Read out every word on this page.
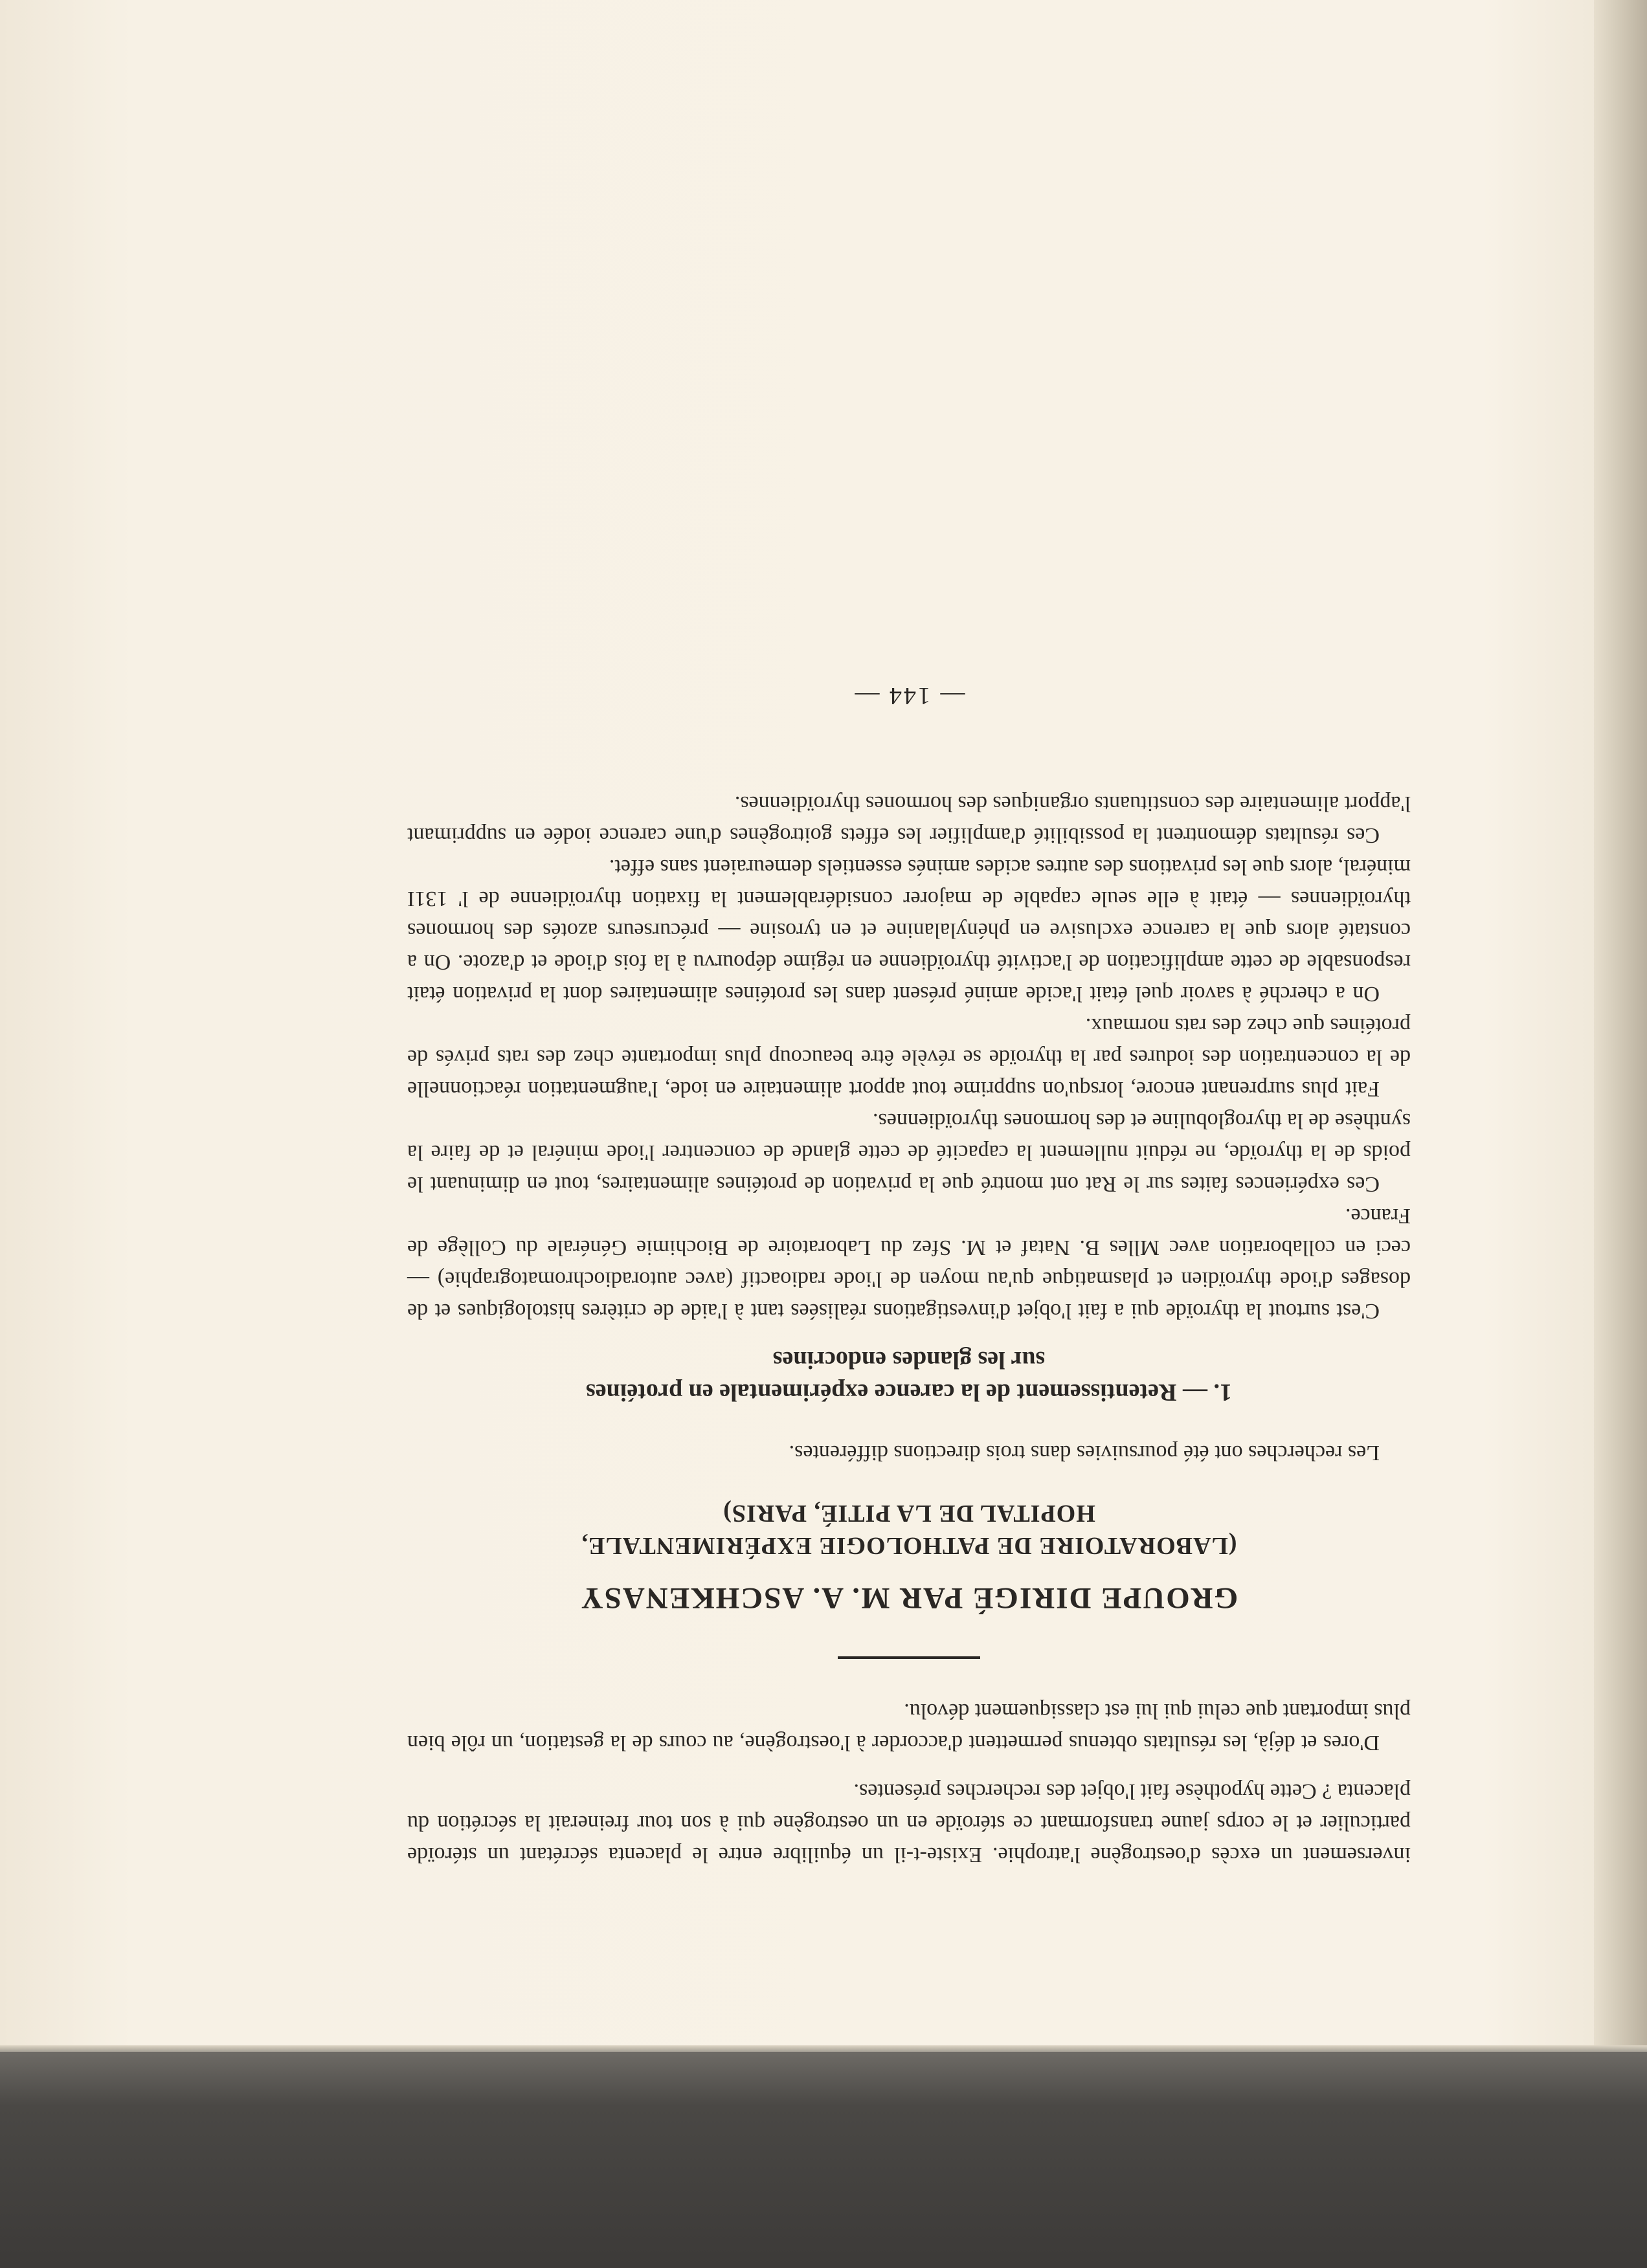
inversement un excès d'oestrogène l'atrophie. Existe-t-il un équilibre entre le placenta sécrétant un stéroïde particulier et le corps jaune transformant ce stéroïde en un oestrogène qui à son tour freinerait la sécrétion du placenta ? Cette hypothèse fait l'objet des recherches présentes.

D'ores et déjà, les résultats obtenus permettent d'accorder à l'oestrogène, au cours de la gestation, un rôle bien plus important que celui qui lui est classiquement dévolu.

GROUPE DIRIGÉ PAR M. A. ASCHKENASY

(LABORATOIRE DE PATHOLOGIE EXPÉRIMENTALE,

HOPITAL DE LA PITIÉ, PARIS)

Les recherches ont été poursuivies dans trois directions différentes.

1. — Retentissement de la carence expérimentale en protéines

sur les glandes endocrines

C'est surtout la thyroïde qui a fait l'objet d'investigations réalisées tant à l'aide de critères histologiques et de dosages d'iode thyroïdien et plasmatique qu'au moyen de l'iode radioactif (avec autoradiochromatographie) — ceci en collaboration avec Mlles B. Nataf et M. Sfez du Laboratoire de Biochimie Générale du Collège de France.

Ces expériences faites sur le Rat ont montré que la privation de protéines alimentaires, tout en diminuant le poids de la thyroïde, ne réduit nullement la capacité de cette glande de concentrer l'iode minéral et de faire la synthèse de la thyroglobuline et des hormones thyroïdiennes.

Fait plus surprenant encore, lorsqu'on supprime tout apport alimentaire en iode, l'augmentation réactionnelle de la concentration des iodures par la thyroïde se révèle être beaucoup plus importante chez des rats privés de protéines que chez des rats normaux.

On a cherché à savoir quel était l'acide aminé présent dans les protéines alimentaires dont la privation était responsable de cette amplification de l'activité thyroïdienne en régime dépourvu à la fois d'iode et d'azote. On a constaté alors que la carence exclusive en phénylalanine et en tyrosine — précurseurs azotés des hormones thyroïdiennes — était à elle seule capable de majorer considérablement la fixation thyroïdienne de l' 131I minéral, alors que les privations des autres acides aminés essentiels demeuraient sans effet.

Ces résultats démontrent la possibilité d'amplifier les effets goitrogènes d'une carence iodée en supprimant l'apport alimentaire des constituants organiques des hormones thyroïdiennes.

— 144 —
